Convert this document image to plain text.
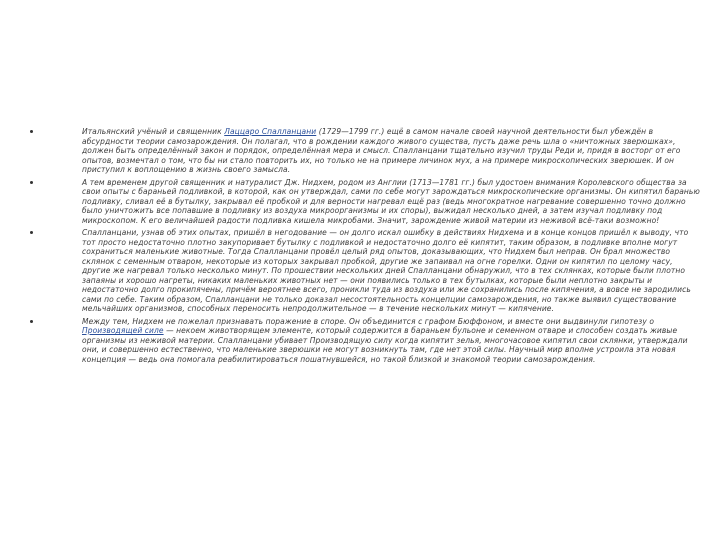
Итальянский учёный и священник Лаццаро Спалланцани (1729—1799 гг.) ещё в самом начале своей научной деятельности был убеждён в абсурдности теории самозарождения. Он полагал, что в рождении каждого живого существа, пусть даже речь шла о «ничтожных зверюшках», должен быть определённый закон и порядок, определённая мера и смысл. Спалланцани тщательно изучил труды Реди и, придя в восторг от его опытов, возмечтал о том, что бы ни стало повторить их, но только не на примере личинок мух, а на примере микроскопических зверюшек. И он приступил к воплощению в жизнь своего замысла.
А тем временем другой священник и натуралист Дж. Нидхем, родом из Англии (1713—1781 гг.) был удостоен внимания Королевского общества за свои опыты с бараньей подливкой, в которой, как он утверждал, сами по себе могут зарождаться микроскопические организмы. Он кипятил баранью подливку, сливал её в бутылку, закрывал её пробкой и для верности нагревал ещё раз (ведь многократное нагревание совершенно точно должно было уничтожить все попавшие в подливку из воздуха микроорганизмы и их споры), выжидал несколько дней, а затем изучал подливку под микроскопом. К его величайшей радости подливка кишела микробами. Значит, зарождение живой материи из неживой всё-таки возможно!
Спалланцани, узнав об этих опытах, пришёл в негодование — он долго искал ошибку в действиях Нидхема и в конце концов пришёл к выводу, что тот просто недостаточно плотно закупоривает бутылку с подливкой и недостаточно долго её кипятит, таким образом, в подливке вполне могут сохраниться маленькие животные. Тогда Спалланцани провёл целый ряд опытов, доказывающих, что Нидхем был неправ. Он брал множество склянок с семенным отваром, некоторые из которых закрывал пробкой, другие же запаивал на огне горелки. Одни он кипятил по целому часу, другие же нагревал только несколько минут. По прошествии нескольких дней Спалланцани обнаружил, что в тех склянках, которые были плотно запаяны и хорошо нагреты, никаких маленьких животных нет — они появились только в тех бутылках, которые были неплотно закрыты и недостаточно долго прокипячены, причём вероятнее всего, проникли туда из воздуха или же сохранились после кипячения, а вовсе не зародились сами по себе. Таким образом, Спалланцани не только доказал несостоятельность концепции самозарождения, но также выявил существование мельчайших организмов, способных переносить непродолжительное — в течение нескольких минут — кипячение.
Между тем, Нидхем не пожелал признавать поражение в споре. Он объединится с графом Бюффоном, и вместе они выдвинули гипотезу о Производящей силе — некоем животворящем элементе, который содержится в бараньем бульоне и семенном отваре и способен создать живые организмы из неживой материи. Спалланцани убивает Производящую силу когда кипятит зелья, многочасовое кипятил свои склянки, утверждали они, и совершенно естественно, что маленькие зверюшки не могут возникнуть там, где нет этой силы. Научный мир вполне устроила эта новая концепция — ведь она помогала реабилитироваться пошатнувшейся, но такой близкой и знакомой теории самозарождения.
